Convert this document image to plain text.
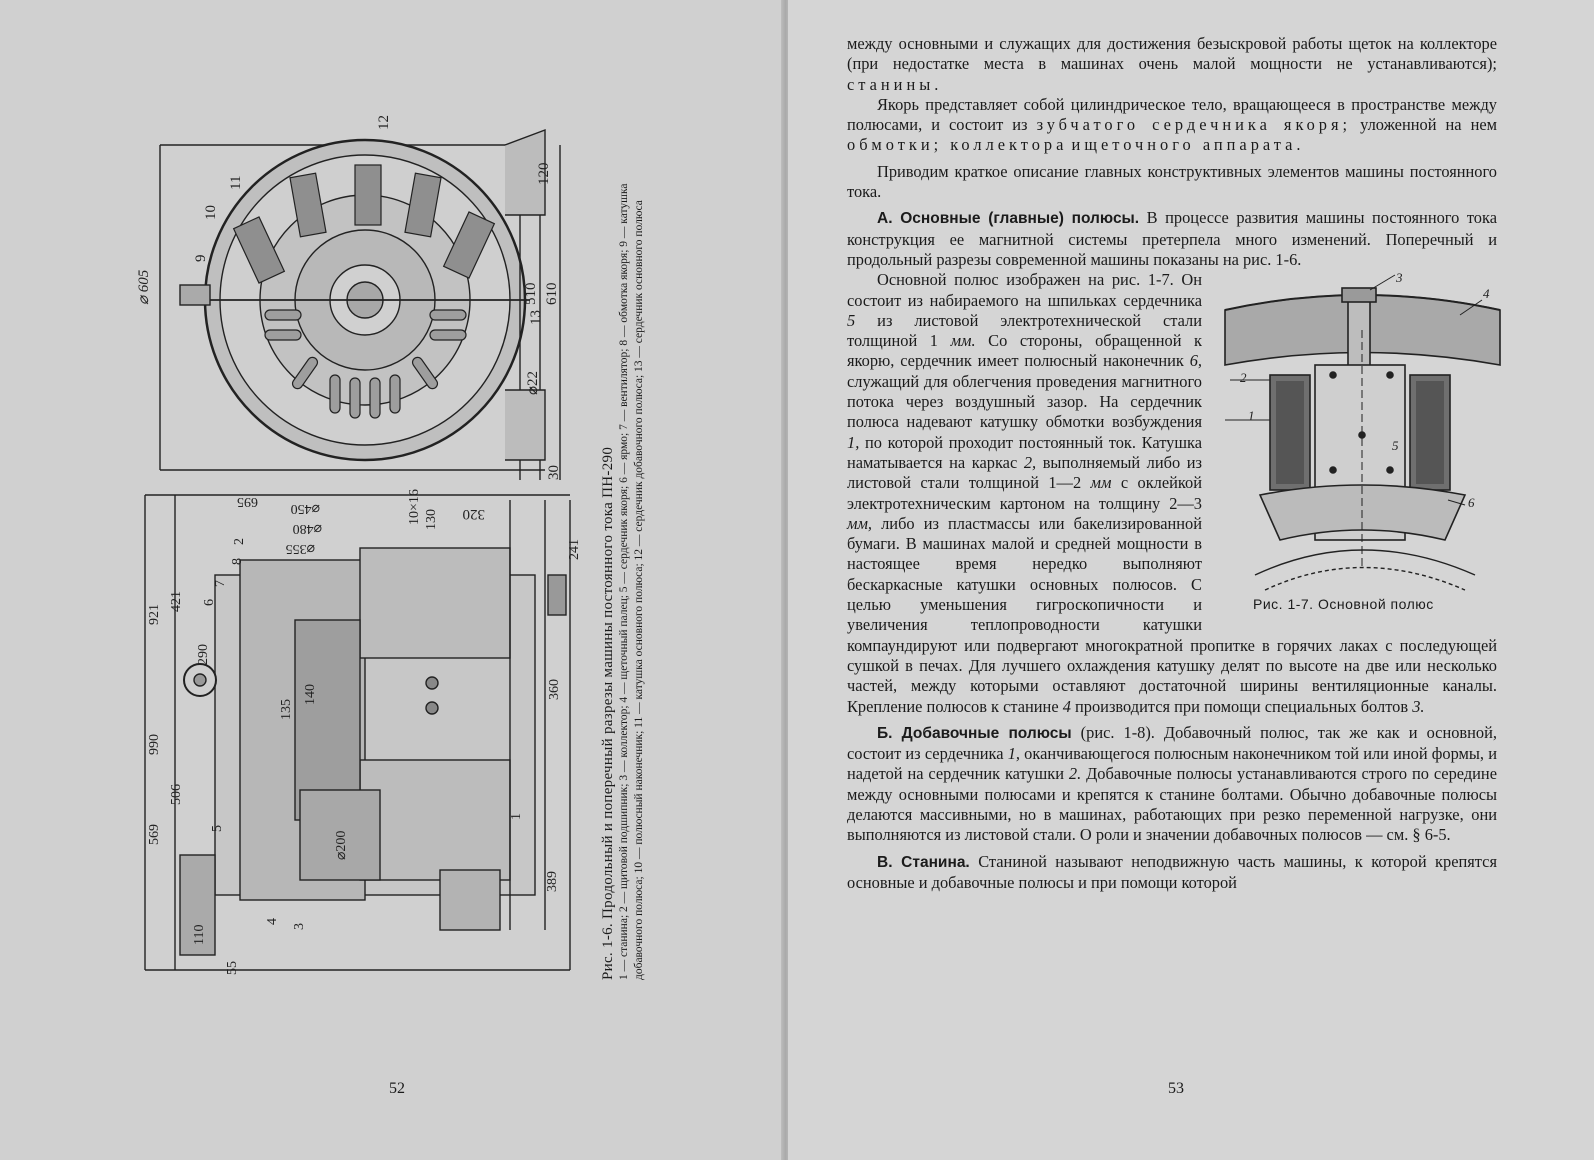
⌀ 605
120
510 610
⌀22
30
320
9
10
11
12
13
695 ⌀450
⌀480
⌀355
10×16 130
241
921
421
290
990
506
569
110
55
360
389
⌀200
135
140
1
2
3
4
5
6
7
8	Рис. 1-6. Продольный и поперечный разрезы машины постоянного тока ПН-290 1 — станина; 2 — щитовой подшипник; 3 — коллектор; 4 — щеточный палец; 5 — сердечник якоря; 6 — ярмо; 7 — вентилятор; 8 — обмотка якоря; 9 — катушка добавочного полюса; 10 — полюсный наконечник; 11 — катушка основного полюса; 12 — сердечник добавочного полюса; 13 — сердечник основного полюса
52

между основными и служащих для достижения безыскровой работы щеток на коллекторе (при недостатке места в машинах очень малой мощности не устанавливаются); станины.

Якорь представляет собой цилиндрическое тело, вращающееся в пространстве между полюсами, и состоит из зубчатого сердечника якоря; уложенной на нем обмотки; коллектора и щеточного аппарата.

Приводим краткое описание главных конструктивных элементов машины постоянного тока.

А. Основные (главные) полюсы. В процессе развития машины постоянного тока конструкция ее магнитной системы претерпела много изменений. Поперечный и продольный разрезы современной машины показаны на рис. 1-6.

Основной полюс изображен на рис. 1-7. Он состоит из набираемого на шпильках сердечника 5 из листовой электротехнической стали толщиной 1 мм. Со стороны, обращенной к якорю, сердечник имеет полюсный наконечник 6, служащий для облегчения проведения магнитного потока через воздушный зазор. На сердечник полюса надевают катушку обмотки возбуждения 1, по которой проходит постоянный ток. Катушка наматывается на каркас 2, выполняемый либо из листовой стали толщиной 1—2 мм с оклейкой электротехническим картоном на толщину 2—3 мм, либо из пластмассы или бакелизированной бумаги. В машинах малой и средней мощности в настоящее время нередко выполняют бескаркасные катушки основных полюсов. С целью уменьшения гигроскопичности и увеличения теплопроводности катушки компаундируют или подвергают многократной пропитке в горячих лаках с последующей сушкой в печах. Для лучшего охлаждения катушку делят по высоте на две или несколько частей, между которыми оставляют достаточной ширины вентиляционные каналы. Крепление полюсов к станине 4 производится при помощи специальных болтов 3.

Б. Добавочные полюсы (рис. 1-8). Добавочный полюс, так же как и основной, состоит из сердечника 1, оканчивающегося полюсным наконечником той или иной формы, и надетой на сердечник катушки 2. Добавочные полюсы устанавливаются строго по середине между основными полюсами и крепятся к станине болтами. Обычно добавочные полюсы делаются массивными, но в машинах, работающих при резко переменной нагрузке, они выполняются из листовой стали. О роли и значении добавочных полюсов — см. § 6-5.

В. Станина. Станиной называют неподвижную часть машины, к которой крепятся основные и добавочные полюсы и при помощи которой

1
2
3
4
5
6
Рис. 1-7. Основной полюс
53
